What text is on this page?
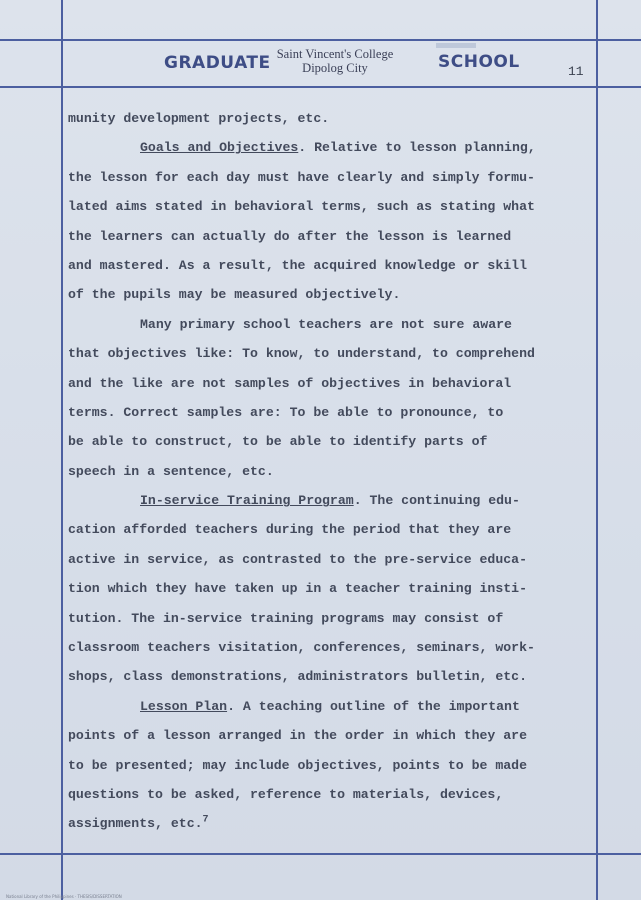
GRADUATE Saint Vincent's College
Dipolog City	SCHOOL	11
munity development projects, etc.
Goals and Objectives. Relative to lesson planning,
the lesson for each day must have clearly and simply formu-
lated aims stated in behavioral terms, such as stating what
the learners can actually do after the lesson is learned
and mastered. As a result, the acquired knowledge or skill
of the pupils may be measured objectively.
Many primary school teachers are not sure aware
that objectives like: To know, to understand, to comprehend
and the like are not samples of objectives in behavioral
terms. Correct samples are: To be able to pronounce, to
be able to construct, to be able to identify parts of
speech in a sentence, etc.
In-service Training Program. The continuing edu-
cation afforded teachers during the period that they are
active in service, as contrasted to the pre-service educa-
tion which they have taken up in a teacher training insti-
tution. The in-service training programs may consist of
classroom teachers visitation, conferences, seminars, work-
shops, class demonstrations, administrators bulletin, etc.
Lesson Plan. A teaching outline of the important
points of a lesson arranged in the order in which they are
to be presented; may include objectives, points to be made
questions to be asked, reference to materials, devices,
assignments, etc.$^7$
National Library of the Philippines · THESIS/DISSERTATION
